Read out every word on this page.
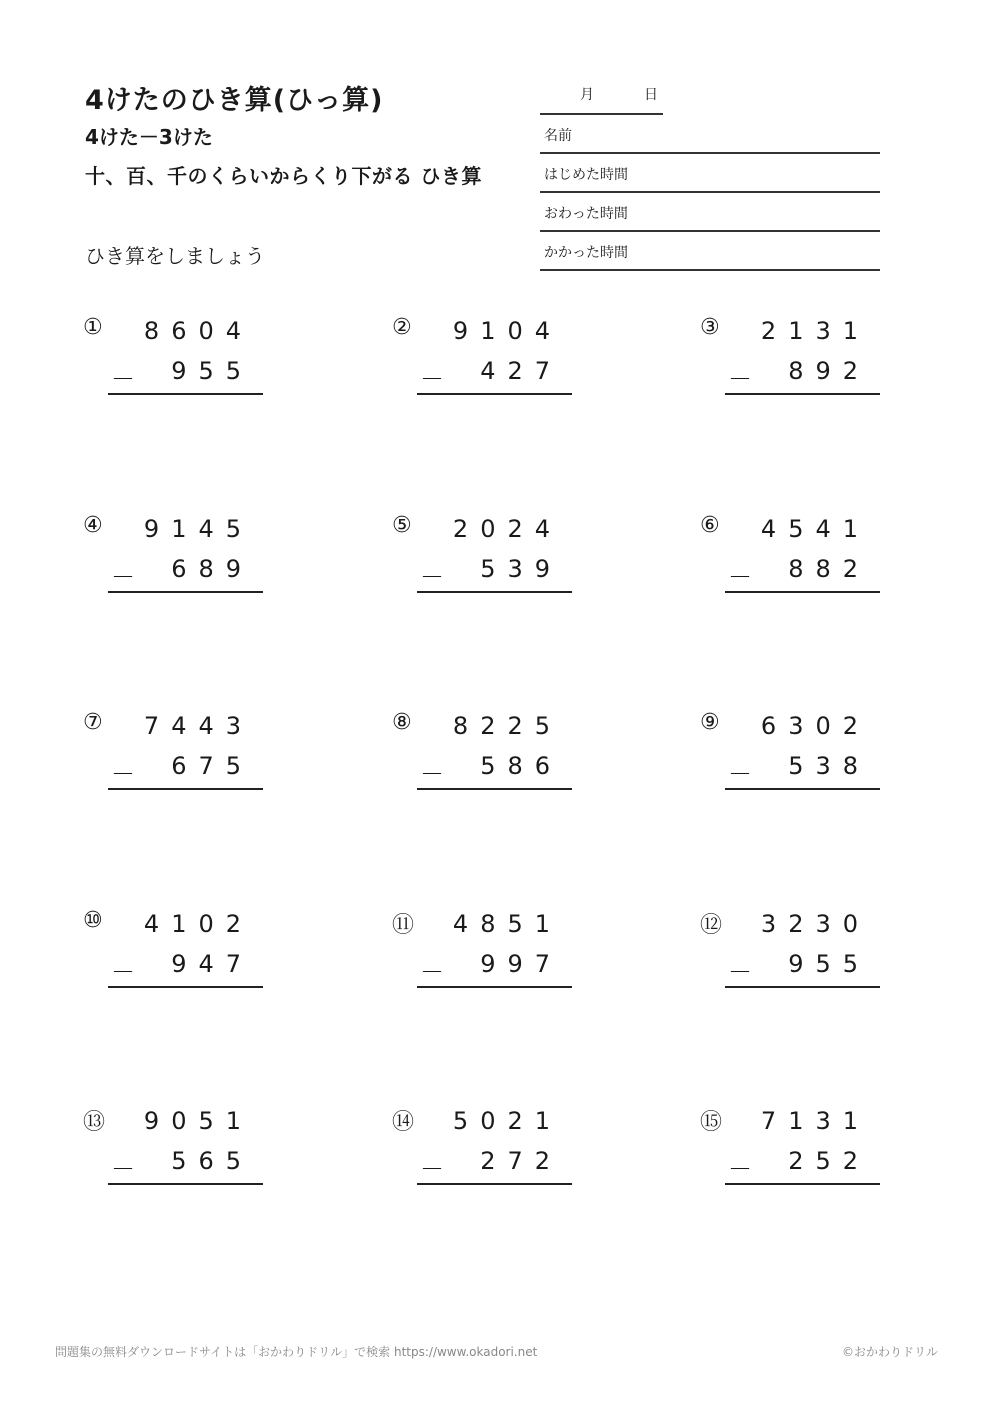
4けたのひき算(ひっ算)
4けた－3けた
十、百、千のくらいからくり下がる ひき算
ひき算をしましょう
月	日
名前
はじめた時間
おわった時間
かかった時間
① 8604
－ 955
② 9104
－ 427
③ 2131
－ 892
④ 9145
－ 689
⑤ 2024
－ 539
⑥ 4541
－ 882
⑦ 7443
－ 675
⑧ 8225
－ 586
⑨ 6302
－ 538
⑩ 4102
－ 947
⑪ 4851
－ 997
⑫ 3230
－ 955
⑬ 9051
－ 565
⑭ 5021
－ 272
⑮ 7131
－ 252
問題集の無料ダウンロードサイトは「おかわりドリル」で検索 https://www.okadori.net	©おかわりドリル
